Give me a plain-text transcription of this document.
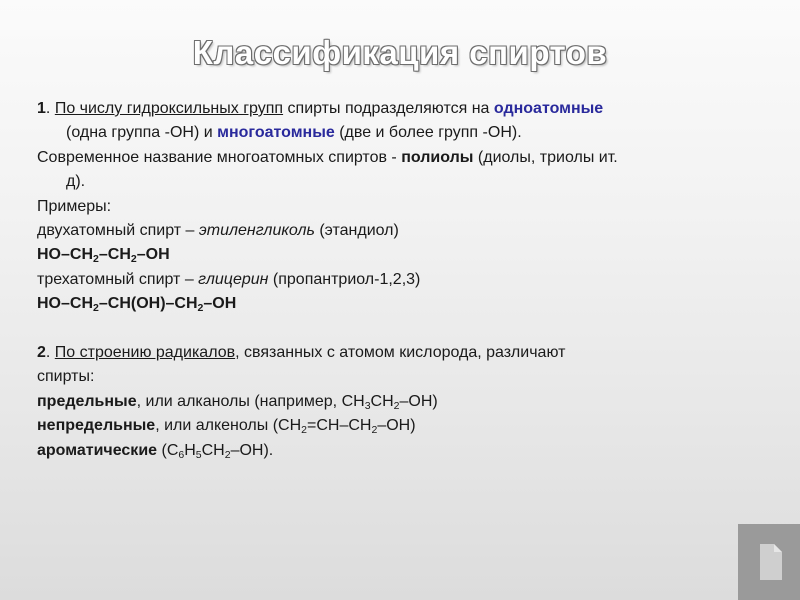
Классификация спиртов
1. По числу гидроксильных групп спирты подразделяются на одноатомные
(одна группа -ОН) и многоатомные (две и более групп -ОН).
Современное название многоатомных спиртов - полиолы (диолы, триолы ит.
д).
Примеры:
двухатомный спирт – этиленгликоль (этандиол)
$HO-CH_2-CH_2-OH$
трехатомный спирт – глицерин (пропантриол-1,2,3)
$HO-CH_2-CH(OH)-CH_2-OH$
2. По строению радикалов, связанных с атомом кислорода, различают
спирты:
предельные, или алканолы (например, $CH_3CH_2-OH$)
непредельные, или алкенолы $(CH_2=CH-CH_2-OH)$
ароматические $(C_6H_5CH_2-OH)$.
